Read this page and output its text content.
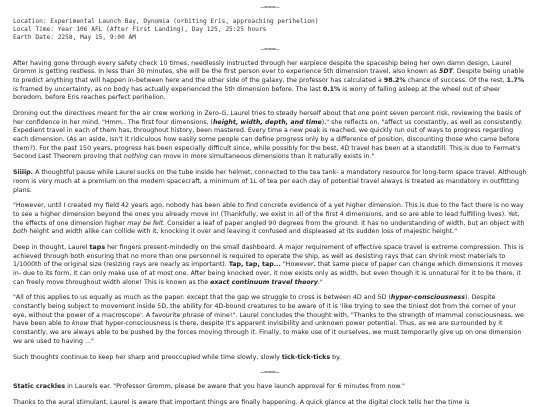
—=≈=—
Location: Experimental Launch Bay, Dynomia (orbiting Eris, approaching perihelion)
Local Time: Year 106 AFL (After First Landing), Day 125, 25:25 hours
Earth Date: 2258, May 15, 9:00 AM
—=≈=—

After having gone through every safety check 10 times, needlessly instructed through her earpiece despite the spaceship being her own damn design, Laurel Gromm is getting restless. In less than 30 minutes, she will be the first person ever to experience 5th dimension travel, also known as 5DT. Despite being unable to predict anything that will happen in-between here and the other side of the galaxy, the professor has calculated a 98.2% chance of success. Of the rest, 1.7% is framed by uncertainty, as no body has actually experienced the 5th dimension before. The last 0.1% is worry of falling asleep at the wheel out of sheer boredom, before Eris reaches perfect perihelion.

Droning out the directives meant for the air crew working in Zero-G, Laurel tries to steady herself about that one point seven percent risk, reviewing the basis of her confidence in her mind. "Hmm.. The first four dimensions, (height, width, depth, and time)," she reflects on, "affect us constantly, as well as consistently. Expedient travel in each of them has, throughout history, been mastered. Every time a new peak is reached, we quickly run out of ways to progress regarding each dimension. (As an aside, isn't it ridiculous how easily some people can define progress only by a difference of position, discounting those who came before them?). For the past 150 years, progress has been especially difficult since, while possibly for the best, 4D travel has been at a standstill. This is due to Fermat's Second Last Theorem proving that nothing can move in more simultaneous dimensions than it naturally exists in."

Siiiip. A thoughtful pause while Laurel sucks on the tube inside her helmet, connected to the tea tank- a mandatory resource for long-term space travel. Although room is very much at a premium on the modern spacecraft, a minimum of 1L of tea per each day of potential travel always is treated as mandatory in outfitting plans.

"However, until I created my field 42 years ago, nobody has been able to find concrete evidence of a yet higher dimension. This is due to the fact there is no way to see a higher dimension beyond the ones you already move in! (Thankfully, we exist in all of the first 4 dimensions, and so are able to lead fulfilling lives). Yet, the effects of one dimension higher may be felt. Consider a leaf of paper angled 90 degrees from the ground: it has no understanding of width, but an object with both height and width alike can collide with it, knocking it over and leaving it confused and displeased at its sudden loss of majestic height."

Deep in thought, Laurel taps her fingers present-mindedly on the small dashboard. A major requirement of effective space travel is extreme compression. This is achieved through both ensuring that no more than one personnel is required to operate the ship, as well as desisting rays that can shrink most materials to 1/1000th of the original size (resizing rays are nearly as important). Tap, tap, tap... "However, that same piece of paper can change which dimensions it moves in- due to its form, it can only make use of at most one. After being knocked over, it now exists only as width, but even though it is unnatural for it to be there, it can freely move throughout width alone! This is known as the exact continuum travel theory."

"All of this applies to us equally as much as the paper: except that the gap we struggle to cross is between 4D and 5D (hyper-consciousness). Despite constantly being subject to movement inside 5D, the ability for 4D-bound creatures to be aware of it is 'like trying to see the tiniest dot from the corner of your eye, without the power of a macroscope'. A favourite phrase of mine!". Laurel concludes the thought with, "Thanks to the strength of mammal consciousness, we have been able to know that hyper-consciousness is there, despite it's apparent invisibility and unknown power potential. Thus, as we are surrounded by it constantly, we are always able to be pushed by the forces moving through it. Finally, to make use of it ourselves, we must temporarily give up on one dimension we are used to having ..."

Such thoughts continue to keep her sharp and preoccupied while time slowly, slowly tick-tick-ticks by.

—=≈=—

Static crackles in Laurels ear. "Professor Gromm, please be aware that you have launch approval for 6 minutes from now."

Thanks to the aural stimulant, Laurel is aware that important things are finally happening. A quick glance at the digital clock tells her the time is
